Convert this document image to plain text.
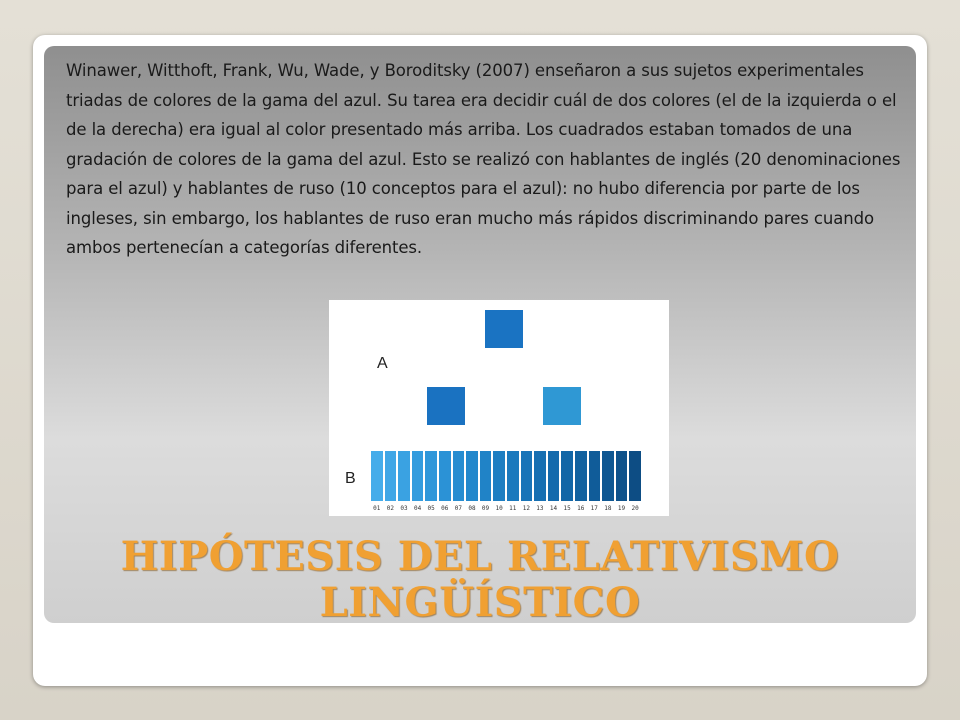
Winawer, Witthoft, Frank, Wu, Wade, y Boroditsky (2007) enseñaron a sus sujetos experimentales triadas de colores de la gama del azul. Su tarea era decidir cuál de dos colores (el de la izquierda o el de la derecha) era igual al color presentado más arriba. Los cuadrados estaban tomados de una gradación de colores de la gama del azul. Esto se realizó con hablantes de inglés (20 denominaciones para el azul) y hablantes de ruso (10 conceptos para el azul): no hubo diferencia por parte de los ingleses, sin embargo, los hablantes de ruso eran mucho más rápidos discriminando pares cuando ambos pertenecían a categorías diferentes.

A
B
01	02	03	04	05	06	07	08	09	10	11	12	13	14	15	16	17	18	19	20
HIPÓTESIS DEL RELATIVISMO
LINGÜÍSTICO
